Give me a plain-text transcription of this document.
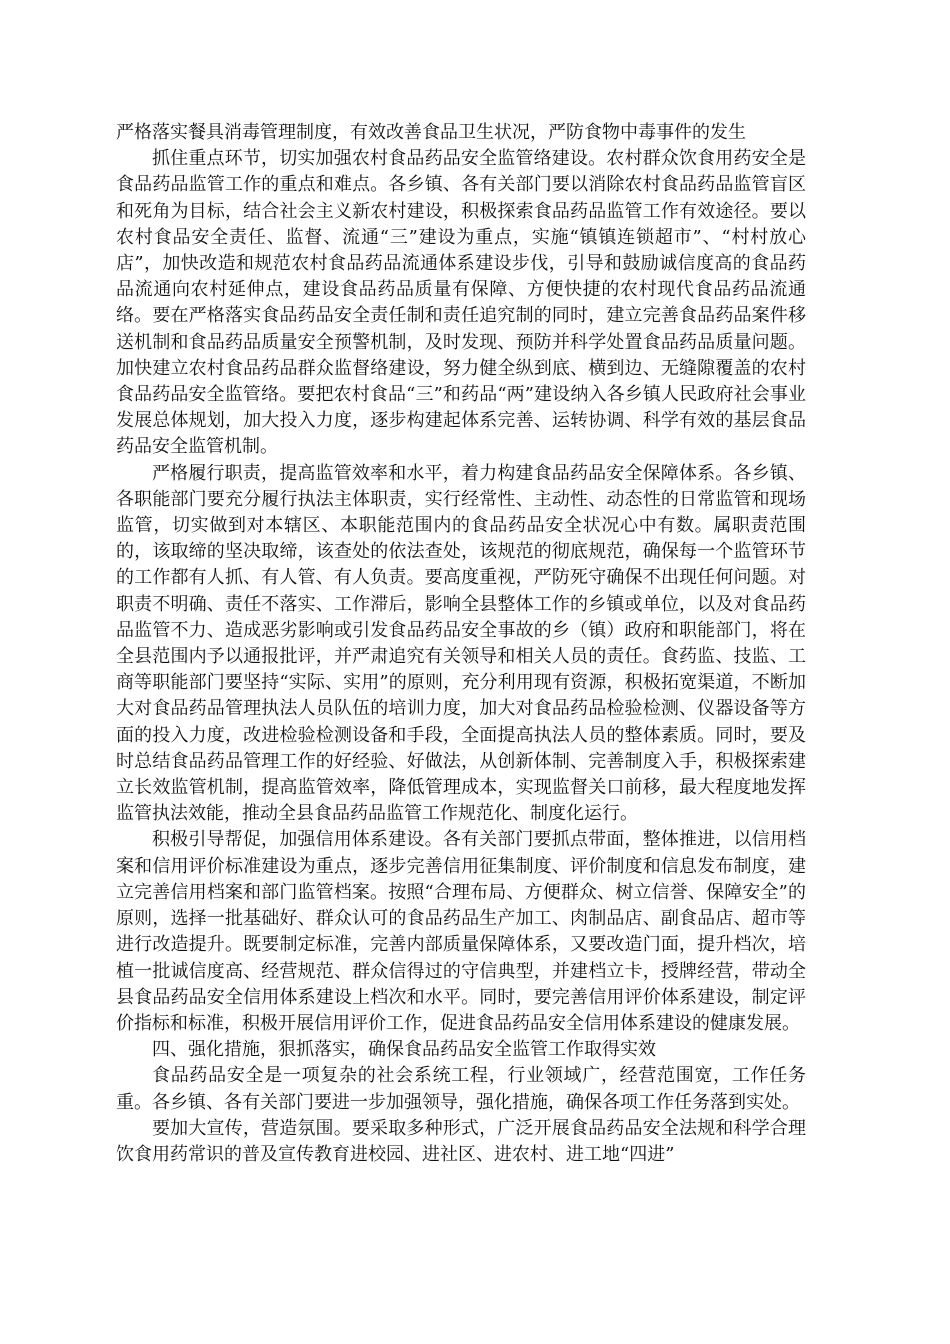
严格落实餐具消毒管理制度，有效改善食品卫生状况，严防食物中毒事件的发生

抓住重点环节，切实加强农村食品药品安全监管络建设。农村群众饮食用药安全是食品药品监管工作的重点和难点。各乡镇、各有关部门要以消除农村食品药品监管盲区和死角为目标，结合社会主义新农村建设，积极探索食品药品监管工作有效途径。要以农村食品安全责任、监督、流通“三”建设为重点，实施“镇镇连锁超市”、“村村放心店”，加快改造和规范农村食品药品流通体系建设步伐，引导和鼓励诚信度高的食品药品流通向农村延伸点，建设食品药品质量有保障、方便快捷的农村现代食品药品流通络。要在严格落实食品药品安全责任制和责任追究制的同时，建立完善食品药品案件移送机制和食品药品质量安全预警机制，及时发现、预防并科学处置食品药品质量问题。加快建立农村食品药品群众监督络建设，努力健全纵到底、横到边、无缝隙覆盖的农村食品药品安全监管络。要把农村食品“三”和药品“两”建设纳入各乡镇人民政府社会事业发展总体规划，加大投入力度，逐步构建起体系完善、运转协调、科学有效的基层食品药品安全监管机制。

严格履行职责，提高监管效率和水平，着力构建食品药品安全保障体系。各乡镇、各职能部门要充分履行执法主体职责，实行经常性、主动性、动态性的日常监管和现场监管，切实做到对本辖区、本职能范围内的食品药品安全状况心中有数。属职责范围的，该取缔的坚决取缔，该查处的依法查处，该规范的彻底规范，确保每一个监管环节的工作都有人抓、有人管、有人负责。要高度重视，严防死守确保不出现任何问题。对职责不明确、责任不落实、工作滞后，影响全县整体工作的乡镇或单位，以及对食品药品监管不力、造成恶劣影响或引发食品药品安全事故的乡（镇）政府和职能部门，将在全县范围内予以通报批评，并严肃追究有关领导和相关人员的责任。食药监、技监、工商等职能部门要坚持“实际、实用”的原则，充分利用现有资源，积极拓宽渠道，不断加大对食品药品管理执法人员队伍的培训力度，加大对食品药品检验检测、仪器设备等方面的投入力度，改进检验检测设备和手段，全面提高执法人员的整体素质。同时，要及时总结食品药品管理工作的好经验、好做法，从创新体制、完善制度入手，积极探索建立长效监管机制，提高监管效率，降低管理成本，实现监督关口前移，最大程度地发挥监管执法效能，推动全县食品药品监管工作规范化、制度化运行。

积极引导帮促，加强信用体系建设。各有关部门要抓点带面，整体推进，以信用档案和信用评价标准建设为重点，逐步完善信用征集制度、评价制度和信息发布制度，建立完善信用档案和部门监管档案。按照“合理布局、方便群众、树立信誉、保障安全”的原则，选择一批基础好、群众认可的食品药品生产加工、肉制品店、副食品店、超市等进行改造提升。既要制定标准，完善内部质量保障体系，又要改造门面，提升档次，培植一批诚信度高、经营规范、群众信得过的守信典型，并建档立卡，授牌经营，带动全县食品药品安全信用体系建设上档次和水平。同时，要完善信用评价体系建设，制定评价指标和标准，积极开展信用评价工作，促进食品药品安全信用体系建设的健康发展。

四、强化措施，狠抓落实，确保食品药品安全监管工作取得实效

食品药品安全是一项复杂的社会系统工程，行业领域广，经营范围宽，工作任务重。各乡镇、各有关部门要进一步加强领导，强化措施，确保各项工作任务落到实处。

要加大宣传，营造氛围。要采取多种形式，广泛开展食品药品安全法规和科学合理饮食用药常识的普及宣传教育进校园、进社区、进农村、进工地“四进”
